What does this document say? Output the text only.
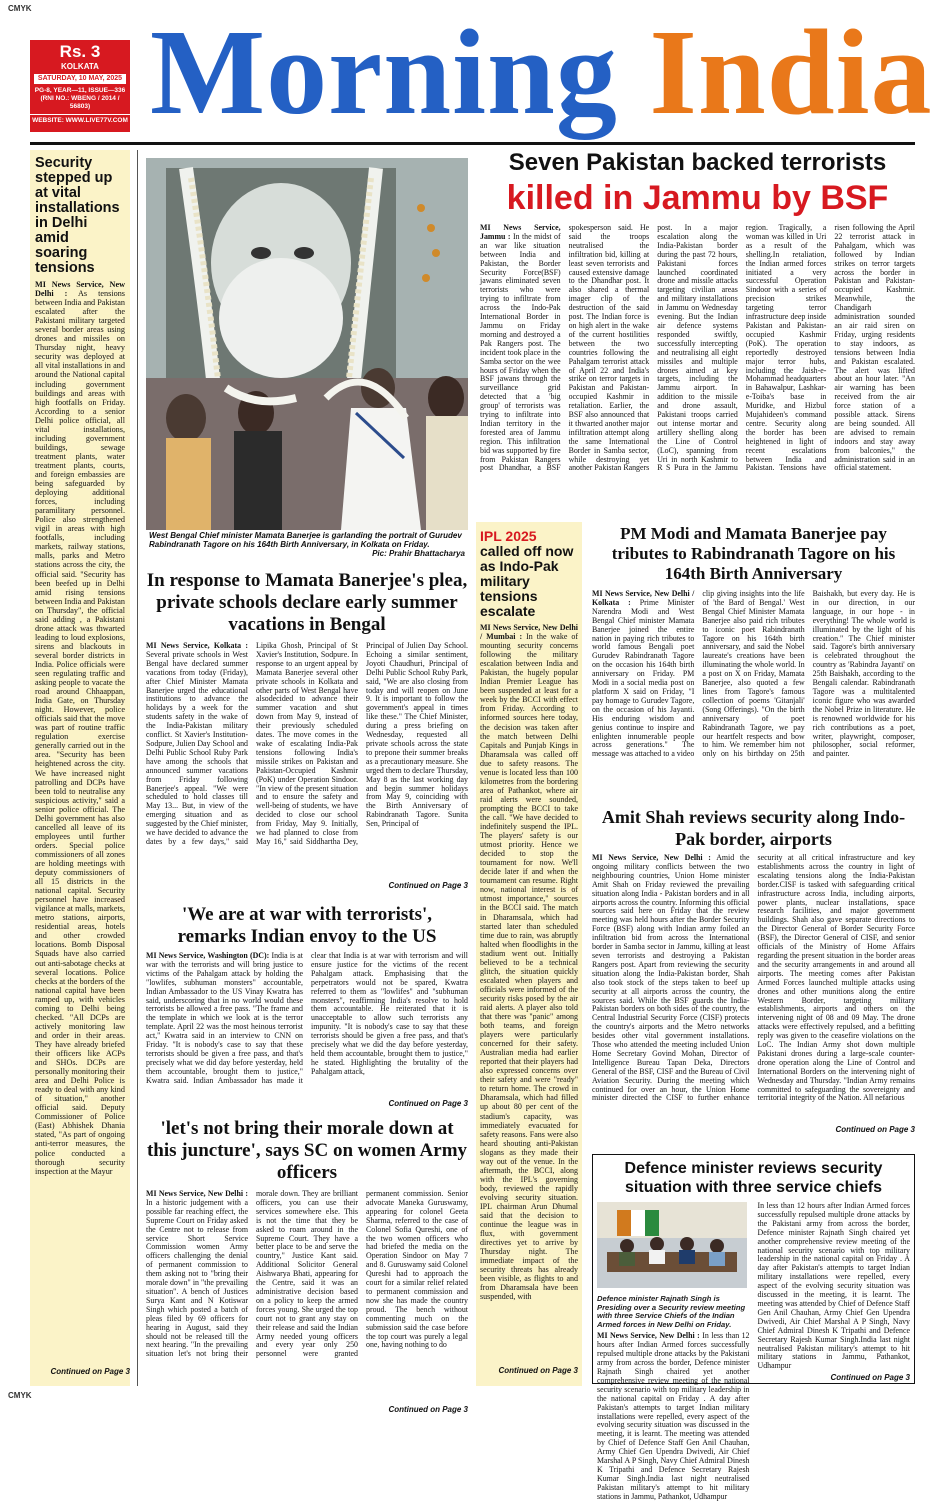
CMYK
CMYK
Rs. 3
KOLKATA
SATURDAY, 10 MAY, 2025
PG-8, YEAR—11, ISSUE—336
(RNI NO.: WBENG / 2014 / 56803)
WEBSITE: WWW.LIVE77V.COM Morning India
Security stepped up at vital installations in Delhi amid soaring tensions
MI News Service, New Delhi : As tensions between India and Pakistan escalated after the Pakistani military targeted several border areas using drones and missiles on Thursday night, heavy security was deployed at all vital installations in and around the National capital including government buildings and areas with high footfalls on Friday. According to a senior Delhi police official, all vital installations, including government buildings, sewage treatment plants, water treatment plants, courts, and foreign embassies are being safeguarded by deploying additional forces, including paramilitary personnel. Police also strengthened vigil in areas with high footfalls, including markets, railway stations, malls, parks and Metro stations across the city, the official said. "Security has been beefed up in Delhi amid rising tensions between India and Pakistan on Thursday", the official said adding , a Pakistani drone attack was thwarted leading to loud explosions, sirens and blackouts in several border districts in India. Police officials were seen regulating traffic and asking people to vacate the road around Chhaappan, India Gate, on Thursday night. However, police officials said that the move was part of routine traffic regulation exercise generally carried out in the area. "Security has been heightened across the city. We have increased night patrolling and DCPs have been told to neutralise any suspicious activity," said a senior police official. The Delhi government has also cancelled all leave of its employees until further orders. Special police commissioners of all zones are holding meetings with deputy commissioners of all 15 districts in the national capital. Security personnel have increased vigilance at malls, markets, metro stations, airports, residential areas, hotels and other crowded locations. Bomb Disposal Squads have also carried out anti-sabotage checks at several locations. Police checks at the borders of the national capital have been ramped up, with vehicles coming to Delhi being checked. "All DCPs are actively monitoring law and order in their areas. They have already briefed their officers like ACPs and SHOs. DCPs are personally monitoring their area and Delhi Police is ready to deal with any kind of situation," another official said. Deputy Commissioner of Police (East) Abhishek Dhania stated, "As part of ongoing anti-terror measures, the police conducted a thorough security inspection at the Mayur
Continued on Page 3
West Bengal Chief minister Mamata Banerjee is garlanding the portrait of Gurudev Rabindranath Tagore on his 164th Birth Anniversary, in Kolkata on Friday.
Pic: Prahir Bhattacharya
Seven Pakistan backed terrorists
killed in Jammu by BSF
MI News Service, Jammu : In the midst of an war like situation between India and Pakistan, the Border Security Force(BSF) jawans eliminated seven terrorists who were trying to infiltrate from across the Indo-Pak International Border in Jammu on Friday morning and destroyed a Pak Rangers post. The incident took place in the Samba sector on the wee hours of Friday when the BSF jawans through the surveillance grid detected that a 'big group' of terrorists was trying to infiltrate into Indian territory in the forested area of Jammu region. This infiltration bid was supported by fire from Pakistan Rangers post Dhandhar, a BSF spokesperson said. He said the troops neutralised the infiltration bid, killing at least seven terrorists and caused extensive damage to the Dhandhar post. It also shared a thermal imager clip of the destruction of the said post. The Indian force is on high alert in the wake of the current hostilities between the two countries following the Pahalgam terrorist attack of April 22 and India's strike on terror targets in Pakistan and Pakistan-occupied Kashmir in retaliation. Earlier, the BSF also announced that it thwarted another major infiltration attempt along the same International Border in Samba sector, while destroying yet another Pakistan Rangers post. In a major escalation along the India-Pakistan border during the past 72 hours, Pakistani forces launched coordinated drone and missile attacks targeting civilian areas and military installations in Jammu on Wednesday evening. But the Indian air defence systems responded swiftly, successfully intercepting and neutralising all eight missiles and multiple drones aimed at key targets, including the Jammu airport. In addition to the missile and drone assault, Pakistani troops carried out intense mortar and artillery shelling along the Line of Control (LoC), spanning from Uri in north Kashmir to R S Pura in the Jammu region. Tragically, a woman was killed in Uri as a result of the shelling.In retaliation, the Indian armed forces initiated a very successful Operation Sindoor with a series of precision strikes targeting terror infrastructure deep inside Pakistan and Pakistan-occupied Kashmir (PoK). The operation reportedly destroyed major terror hubs, including the Jaish-e-Mohammad headquarters in Bahawalpur, Lashkar-e-Toiba's base in Muridke, and Hizbul Mujahideen's command centre. Security along the border has been heightened in light of recent escalations between India and Pakistan. Tensions have risen following the April 22 terrorist attack in Pahalgam, which was followed by Indian strikes on terror targets across the border in Pakistan and Pakistan-occupied Kashmir. Meanwhile, the Chandigarh administration sounded an air raid siren on Friday, urging residents to stay indoors, as tensions between India and Pakistan escalated. The alert was lifted about an hour later. "An air warning has been received from the air force station of a possible attack. Sirens are being sounded. All are advised to remain indoors and stay away from balconies," the administration said in an official statement.
In response to Mamata Banerjee's plea, private schools declare early summer vacations in Bengal
MI News Service, Kolkata : Several private schools in West Bengal have declared summer vacations from today (Friday), after Chief Minister Mamata Banerjee urged the educational institutions to advance the holidays by a week for the students safety in the wake of the India-Pakistan military conflict. St Xavier's Institution-Sodpure, Julien Day School and Delhi Public School Ruby Park have among the schools that announced summer vacations from Friday following Banerjee's appeal. "We were scheduled to hold classes till May 13... But, in view of the emerging situation and as suggested by the Chief minister, we have decided to advance the dates by a few days," said Lipika Ghosh, Principal of St Xavier's Institution, Sodpure. In response to an urgent appeal by Mamata Banerjee several other private schools in Kolkata and other parts of West Bengal have alsodecided to advance their summer vacation and shut down from May 9, instead of their previously scheduled dates. The move comes in the wake of escalating India-Pak tensions following India's missile strikes on Pakistan and Pakistan-Occupied Kashmir (PoK) under Operation Sindoor. "In view of the present situation and to ensure the safety and well-being of students, we have decided to close our school from Friday, May 9. Initially, we had planned to close from May 16," said Siddhartha Dey, Principal of Julien Day School. Echoing a similar sentiment, Joyoti Chaudhuri, Principal of Delhi Public School Ruby Park, said, "We are also closing from today and will reopen on June 9. It is important to follow the government's appeal in times like these." The Chief Minister, during a press briefing on Wednesday, requested all private schools across the state to prepone their summer breaks as a precautionary measure. She urged them to declare Thursday, May 8 as the last working day and begin summer holidays from May 9, coinciding with the Birth Anniversary of Rabindranath Tagore. Sunita Sen, Principal of
Continued on Page 3
'We are at war with terrorists', remarks Indian envoy to the US
MI News Service, Washington (DC): India is at war with the terrorists and will bring justice to victims of the Pahalgam attack by holding the "lowlifes, subhuman monsters" accountable, Indian Ambassador to the US Vinay Kwatra has said, underscoring that in no world would these terrorists be allowed a free pass. "The frame and the template in which we look at is the terror template. April 22 was the most heinous terrorist act," Kwatra said in an interview to CNN on Friday. "It is nobody's case to say that these terrorists should be given a free pass, and that's precisely what we did day before yesterday, held them accountable, brought them to justice," Kwatra said. Indian Ambassador has made it clear that India is at war with terrorism and will ensure justice for the victims of the recent Pahalgam attack. Emphasising that the perpetrators would not be spared, Kwatra referred to them as "lowlifes" and "subhuman monsters", reaffirming India's resolve to hold them accountable. He reiterated that it is unacceptable to allow such terrorists any impunity. "It is nobody's case to say that these terrorists should be given a free pass, and that's precisely what we did the day before yesterday, held them accountable, brought them to justice," he stated. Highlighting the brutality of the Pahalgam attack,
Continued on Page 3
'let's not bring their morale down at this juncture', says SC on women Army officers
MI News Service, New Delhi : In a historic judgement with a possible far reaching effect, the Supreme Court on Friday asked the Centre not to release from service Short Service Commission women Army officers challenging the denial of permanent commission to them asking not to "bring their morale down" in "the prevailing situation". A bench of Justices Surya Kant and N Kotiswar Singh which posted a batch of pleas filed by 69 officers for hearing in August, said they should not be released till the next hearing. "In the prevailing situation let's not bring their morale down. They are brilliant officers, you can use their services somewhere else. This is not the time that they be asked to roam around in the Supreme Court. They have a better place to be and serve the country," Justice Kant said. Additional Solicitor General Aishwarya Bhati, appearing for the Centre, said it was an administrative decision based on a policy to keep the armed forces young. She urged the top court not to grant any stay on their release and said the Indian Army needed young officers and every year only 250 personnel were granted permanent commission. Senior advocate Maneka Guruswamy, appearing for colonel Geeta Sharma, referred to the case of Colonel Sofia Qureshi, one of the two women officers who had briefed the media on the Operation Sindoor on May 7 and 8. Guruswamy said Colonel Qureshi had to approach the court for a similar relief related to permanent commission and now she has made the country proud. The bench without commenting much on the submission said the case before the top court was purely a legal one, having nothing to do
Continued on Page 3
IPL 2025
called off now as Indo-Pak military tensions escalate
MI News Service, New Delhi / Mumbai : In the wake of mounting security concerns following the military escalation between India and Pakistan, the hugely popular Indian Premier League has been suspended at least for a week by the BCCI with effect from Friday. According to informed sources here today, the decision was taken after the match between Delhi Capitals and Punjab Kings in Dharamsala was called off due to safety reasons. The venue is located less than 100 kilometres from the bordering area of Pathankot, where air raid alerts were sounded, prompting the BCCI to take the call. "We have decided to indefinitely suspend the IPL. The players' safety is our utmost priority. Hence we decided to stop the tournament for now. We'll decide later if and when the tournament can resume. Right now, national interest is of utmost importance," sources in the BCCI said. The match in Dharamsala, which had started later than scheduled time due to rain, was abruptly halted when floodlights in the stadium went out. Initially believed to be a technical glitch, the situation quickly escalated when players and officials were informed of the security risks posed by the air raid alerts. A player also told that there was "panic" among both teams, and foreign players were particularly concerned for their safety. Australian media had earlier reported that their players had also expressed concerns over their safety and were "ready" to return home. The crowd in Dharamsala, which had filled up about 80 per cent of the stadium's capacity, was immediately evacuated for safety reasons. Fans were also heard shouting anti-Pakistan slogans as they made their way out of the venue. In the aftermath, the BCCI, along with the IPL's governing body, reviewed the rapidly evolving security situation. IPL chairman Arun Dhumal said that the decision to continue the league was in flux, with government directives yet to arrive by Thursday night. The immediate impact of the security threats has already been visible, as flights to and from Dharamsala have been suspended, with
Continued on Page 3
PM Modi and Mamata Banerjee pay tributes to Rabindranath Tagore on his 164th Birth Anniversary
MI News Service, New Delhi / Kolkata : Prime Minister Narendra Modi and West Bengal Chief minister Mamata Banerjee joined the entire nation in paying rich tributes to world famous Bengali poet Gurudev Rabindranath Tagore on the occasion his 164th birth anniversary on Friday. PM Modi in a social media post on platform X said on Friday, "I pay homage to Gurudev Tagore, on the occasion of his Jayanti. His enduring wisdom and genius continue to inspire and enlighten innumerable people across generations." The message was attached to a video clip giving insights into the life of 'the Bard of Bengal.' West Bengal Chief Minister Mamata Banerjee also paid rich tributes to iconic poet Rabindranath Tagore on his 164th birth anniversary, and said the Nobel laureate's creations have been illuminating the whole world. In a post on X on Friday, Mamata Banerjee, also quoted a few lines from Tagore's famous collection of poems 'Gitanjali' (Song Offerings). "On the birth anniversary of poet Rabindranath Tagore, we pay our heartfelt respects and bow to him. We remember him not only on his birthday on 25th Baishakh, but every day. He is in our direction, in our language, in our hope - in everything! The whole world is illuminated by the light of his creation." The Chief minister said. Tagore's birth anniversary is celebrated throughout the country as 'Rabindra Jayanti' on 25th Baishakh, according to the Bengali calendar. Rabindranath Tagore was a multitalented iconic figure who was awarded the Nobel Prize in literature. He is renowned worldwide for his rich contributions as a poet, writer, playwright, composer, philosopher, social reformer, and painter.
Amit Shah reviews security along Indo-Pak border, airports
MI News Service, New Delhi : Amid the ongoing military conflicts between the two neighbouring countries, Union Home minister Amit Shah on Friday reviewed the prevailing situation along India - Pakistan borders and in all airports across the country. Informing this official sources said here on Friday that the review meeting was held hours after the Border Security Force (BSF) along with Indian army foiled an infiltration bid from across the International border in Samba sector in Jammu, killing at least seven terrorists and destroying a Pakistan Rangers post. Apart from reviewing the security situation along the India-Pakistan border, Shah also took stock of the steps taken to beef up security at all airports across the country, the sources said. While the BSF guards the India-Pakistan borders on both sides of the country, the Central Industrial Security Force (CISF) protects the country's airports and the Metro networks besides other vital government installations. Those who attended the meeting included Union Home Secretary Govind Mohan, Director of Intelligence Bureau Tapan Deka, Directors General of the BSF, CISF and the Bureau of Civil Aviation Security. During the meeting which continued for over an hour, the Union Home minister directed the CISF to further enhance security at all critical infrastructure and key establishments across the country in light of escalating tensions along the India-Pakistan border.CISF is tasked with safeguarding critical infrastructure across India, including airports, power plants, nuclear installations, space research facilities, and major government buildings. Shah also gave separate directions to the Director General of Border Security Force (BSF), the Director General of CISF, and senior officials of the Ministry of Home Affairs regarding the present situation in the border areas and the security arrangements in and around all airports. The meeting comes after Pakistan Armed Forces launched multiple attacks using drones and other munitions along the entire Western Border, targeting military establishments, airports and others on the intervening night of 08 and 09 May. The drone attacks were effectively repulsed, and a befitting reply was given to the ceasefire violations on the LoC. The Indian Army shot down multiple Pakistani drones during a large-scale counter-drone operation along the Line of Control and International Borders on the intervening night of Wednesday and Thursday. "Indian Army remains committed to safeguarding the sovereignty and territorial integrity of the Nation. All nefarious
Continued on Page 3
Defence minister reviews security situation with three service chiefs
Defence minister Rajnath Singh is Presiding over a Security review meeting with three Service Chiefs of the Indian Armed forces in New Delhi on Friday.
MI News Service, New Delhi : In less than 12 hours after Indian Armed forces successfully repulsed multiple drone attacks by the Pakistani army from across the border, Defence minister Rajnath Singh chaired yet another comprehensive review meeting of the national security scenario with top military leadership in the national capital on Friday . A day after Pakistan's attempts to target Indian military installations were repelled, every aspect of the evolving security situation was discussed in the meeting, it is learnt. The meeting was attended by Chief of Defence Staff Gen Anil Chauhan, Army Chief Gen Upendra Dwivedi, Air Chief Marshal A P Singh, Navy Chief Admiral Dinesh K Tripathi and Defence Secretary Rajesh Kumar Singh.India last night neutralised Pakistan military's attempt to hit military stations in Jammu, Pathankot, Udhampur
In less than 12 hours after Indian Armed forces successfully repulsed multiple drone attacks by the Pakistani army from across the border, Defence minister Rajnath Singh chaired yet another comprehensive review meeting of the national security scenario with top military leadership in the national capital on Friday . A day after Pakistan's attempts to target Indian military installations were repelled, every aspect of the evolving security situation was discussed in the meeting, it is learnt. The meeting was attended by Chief of Defence Staff Gen Anil Chauhan, Army Chief Gen Upendra Dwivedi, Air Chief Marshal A P Singh, Navy Chief Admiral Dinesh K Tripathi and Defence Secretary Rajesh Kumar Singh.India last night neutralised Pakistan military's attempt to hit military stations in Jammu, Pathankot, Udhampur
Continued on Page 3
